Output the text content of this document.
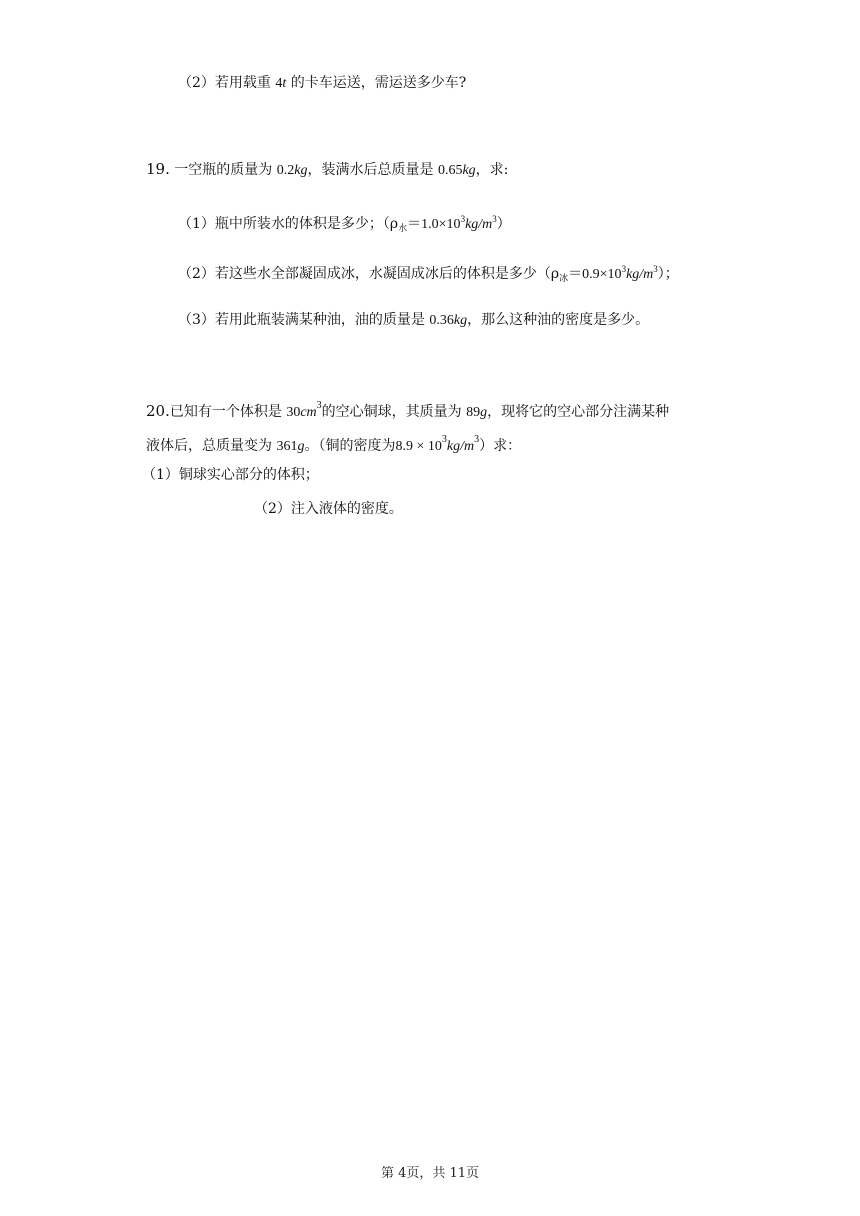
（2）若用载重 4t 的卡车运送，需运送多少车?
19. 一空瓶的质量为 0.2kg，装满水后总质量是 0.65kg，求:
（1）瓶中所装水的体积是多少；$(\rho_水=1.0\times 10^3kg/m^3)$
（2）若这些水全部凝固成冰，水凝固成冰后的体积是多少$(\rho_冰=0.9\times 10^3kg/m^3)$；
（3）若用此瓶装满某种油，油的质量是 0.36kg，那么这种油的密度是多少。
20.已知有一个体积是 $30cm^3$的空心铜球，其质量为 89g，现将它的空心部分注满某种
液体后，总质量变为 361g。（铜的密度为$8.9 \times 10^3kg/m^3$）求：
（1）铜球实心部分的体积；
（2）注入液体的密度。
第 4页，共 11页
